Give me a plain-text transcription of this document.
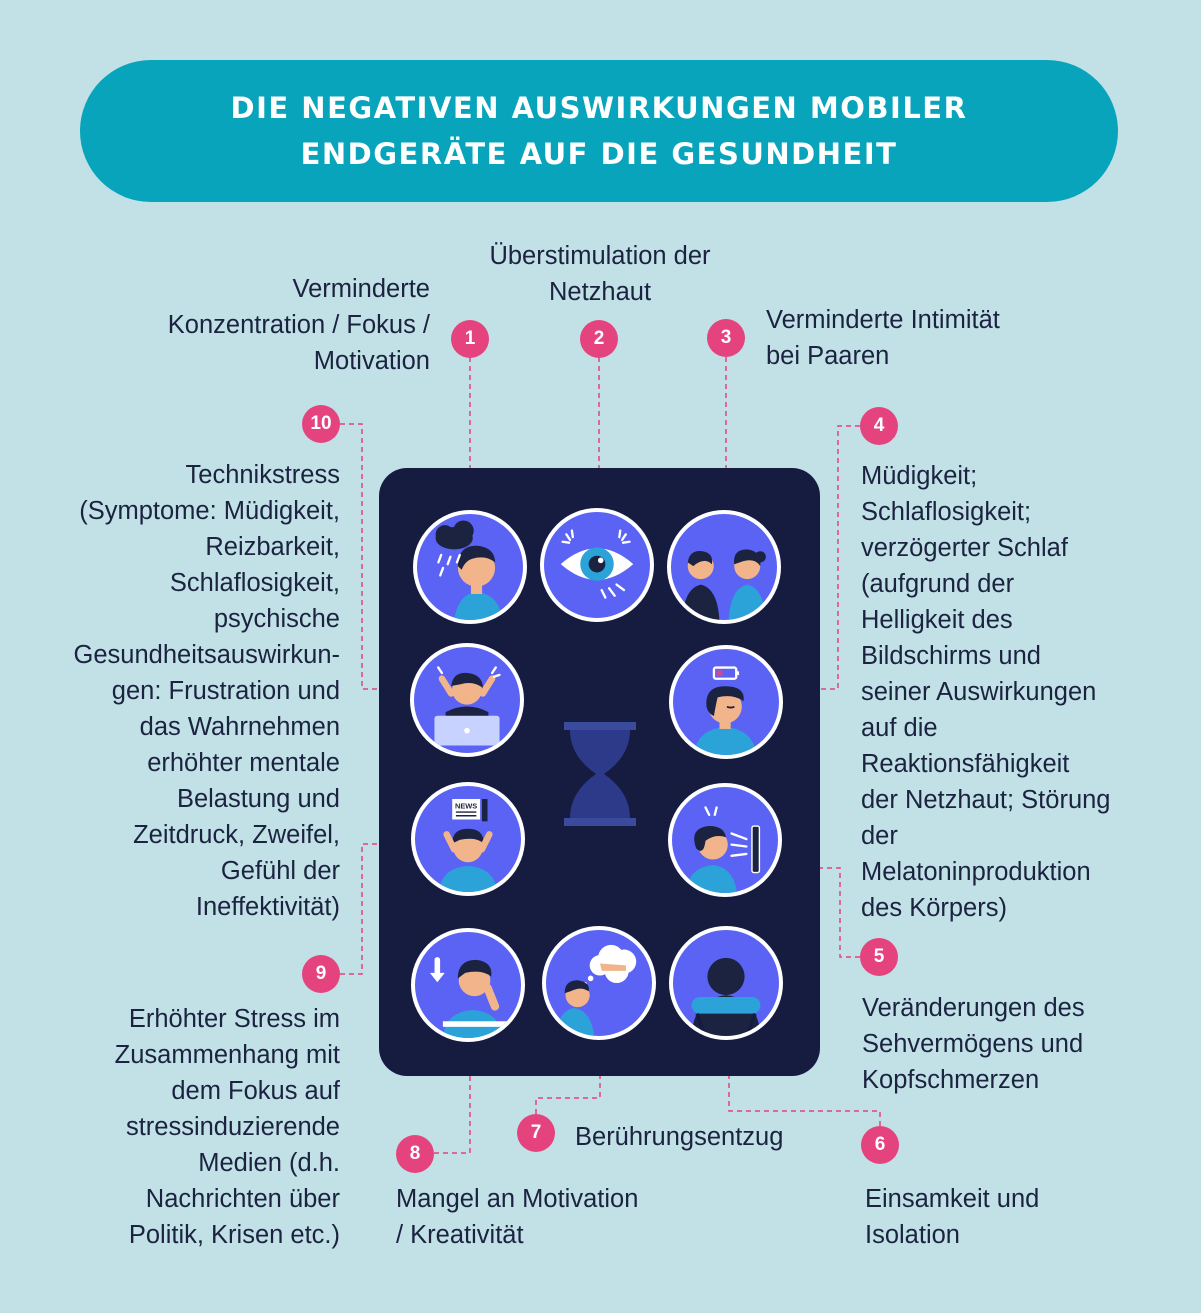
DIE NEGATIVEN AUSWIRKUNGEN MOBILER
ENDGERÄTE AUF DIE GESUNDHEIT
NEWS
1	2	3
4
5
6
7
8
9
10
Verminderte
Konzentration / Fokus /
Motivation
Überstimulation der
Netzhaut
Verminderte Intimität
bei Paaren
Müdigkeit;
Schlaflosigkeit;
verzögerter Schlaf
(aufgrund der
Helligkeit des
Bildschirms und
seiner Auswirkungen
auf die
Reaktionsfähigkeit
der Netzhaut; Störung
der
Melatoninproduktion
des Körpers)
Veränderungen des
Sehvermögens und
Kopfschmerzen
Einsamkeit und
Isolation
Berührungsentzug
Mangel an Motivation
/ Kreativität
Erhöhter Stress im
Zusammenhang mit
dem Fokus auf
stressinduzierende
Medien (d.h.
Nachrichten über
Politik, Krisen etc.)
Technikstress
(Symptome: Müdigkeit,
Reizbarkeit,
Schlaflosigkeit,
psychische
Gesundheitsauswirkun-
gen: Frustration und
das Wahrnehmen
erhöhter mentale
Belastung und
Zeitdruck, Zweifel,
Gefühl der
Ineffektivität)
